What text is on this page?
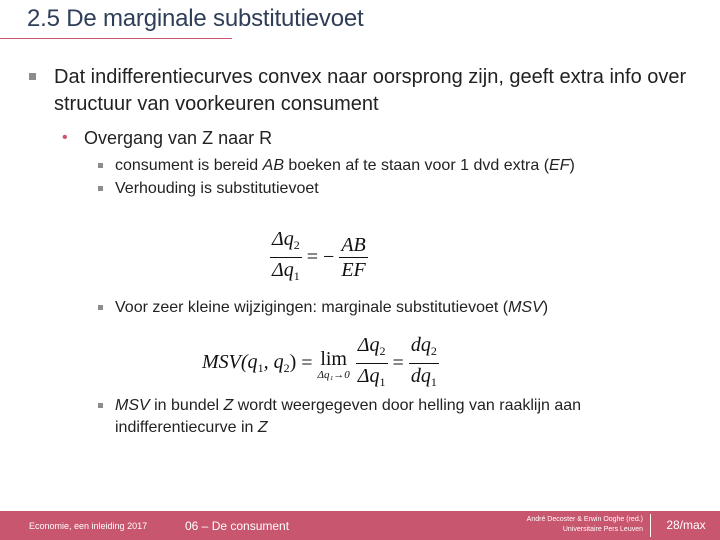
2.5 De marginale substitutievoet
Dat indifferentiecurves convex naar oorsprong zijn, geeft extra info over structuur van voorkeuren consument
• Overgang van Z naar R
consument is bereid AB boeken af te staan voor 1 dvd extra (EF)
Verhouding is substitutievoet
$\frac{\Delta q_2}{\Delta q_1}$ = − $\frac{AB}{EF}$
Voor zeer kleine wijzigingen: marginale substitutievoet (MSV)
$MSV(q_1$, $q_2) = \lim$
$\Delta q_1\to 0 \frac{\Delta q_2}{\Delta q_1} = \frac{dq_2}{dq_1}$
MSV in bundel Z wordt weergegeven door helling van raaklijn aan indifferentiecurve in Z
Economie, een inleiding 2017	06 – De consument	André Decoster & Erwin Ooghe (red.)
Universitaire Pers Leuven	28/max
